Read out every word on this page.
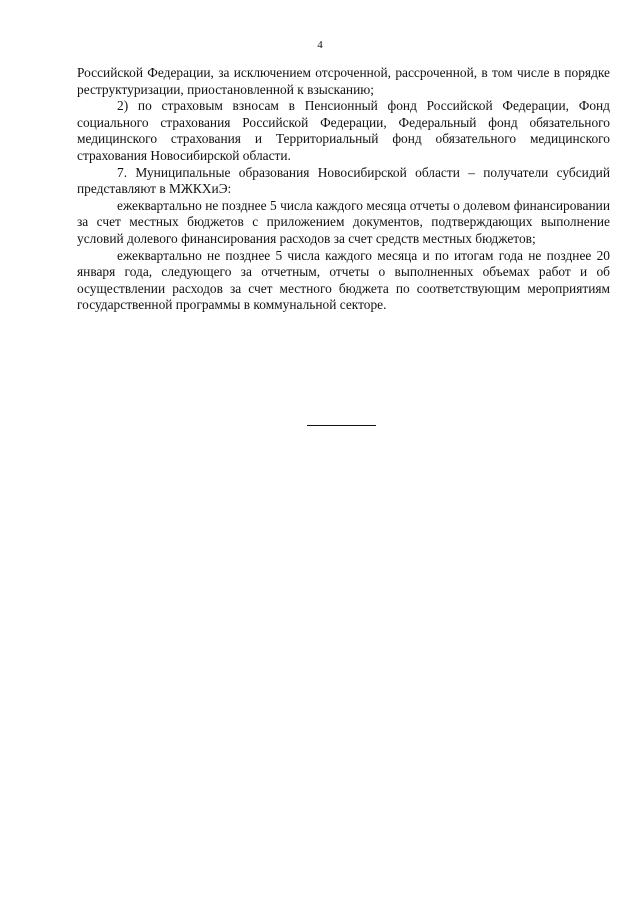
4

Российской Федерации, за исключением отсроченной, рассроченной, в том числе в порядке реструктуризации, приостановленной к взысканию;

2) по страховым взносам в Пенсионный фонд Российской Федерации, Фонд социального страхования Российской Федерации, Федеральный фонд обязательного медицинского страхования и Территориальный фонд обязательного медицинского страхования Новосибирской области.

7. Муниципальные образования Новосибирской области – получатели субсидий представляют в МЖКХиЭ:

ежеквартально не позднее 5 числа каждого месяца отчеты о долевом финансировании за счет местных бюджетов с приложением документов, подтверждающих выполнение условий долевого финансирования расходов за счет средств местных бюджетов;

ежеквартально не позднее 5 числа каждого месяца и по итогам года не позднее 20 января года, следующего за отчетным, отчеты о выполненных объемах работ и об осуществлении расходов за счет местного бюджета по соответствующим мероприятиям государственной программы в коммунальной секторе.
